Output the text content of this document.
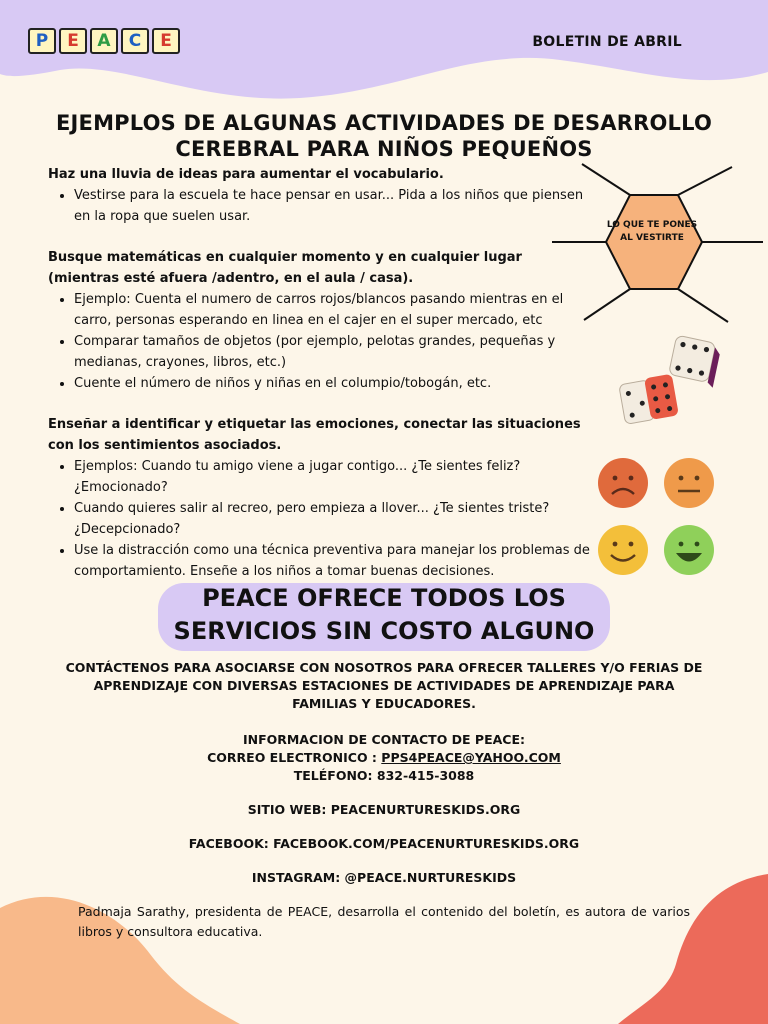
P E A C E	BOLETIN DE ABRIL
EJEMPLOS DE ALGUNAS ACTIVIDADES DE DESARROLLO
CEREBRAL PARA NIÑOS PEQUEÑOS
Haz una lluvia de ideas para aumentar el vocabulario.
• Vestirse para la escuela te hace pensar en usar... Pida a los niños que piensen en la ropa que suelen usar.
Busque matemáticas en cualquier momento y en cualquier lugar (mientras esté afuera /adentro, en el aula / casa).
• Ejemplo: Cuenta el numero de carros rojos/blancos pasando mientras en el carro, personas esperando en linea en el cajer en el super mercado, etc
• Comparar tamaños de objetos (por ejemplo, pelotas grandes, pequeñas y medianas, crayones, libros, etc.)
• Cuente el número de niños y niñas en el columpio/tobogán, etc.
Enseñar a identificar y etiquetar las emociones, conectar las situaciones con los sentimientos asociados.
• Ejemplos: Cuando tu amigo viene a jugar contigo... ¿Te sientes feliz? ¿Emocionado?
• Cuando quieres salir al recreo, pero empieza a llover... ¿Te sientes triste? ¿Decepcionado?
• Use la distracción como una técnica preventiva para manejar los problemas de comportamiento. Enseñe a los niños a tomar buenas decisiones.
LO QUE TE PONES AL VESTIRTE
PEACE OFRECE TODOS LOS
SERVICIOS SIN COSTO ALGUNO
CONTÁCTENOS PARA ASOCIARSE CON NOSOTROS PARA OFRECER TALLERES Y/O FERIAS DE APRENDIZAJE CON DIVERSAS ESTACIONES DE ACTIVIDADES DE APRENDIZAJE PARA FAMILIAS Y EDUCADORES.
INFORMACION DE CONTACTO DE PEACE:
CORREO ELECTRONICO : PPS4PEACE@YAHOO.COM
TELÉFONO: 832-415-3088
SITIO WEB: PEACENURTURESKIDS.ORG
FACEBOOK: FACEBOOK.COM/PEACENURTURESKIDS.ORG
INSTAGRAM: @PEACE.NURTURESKIDS
Padmaja Sarathy, presidenta de PEACE, desarrolla el contenido del boletín, es autora de varios libros y consultora educativa.
